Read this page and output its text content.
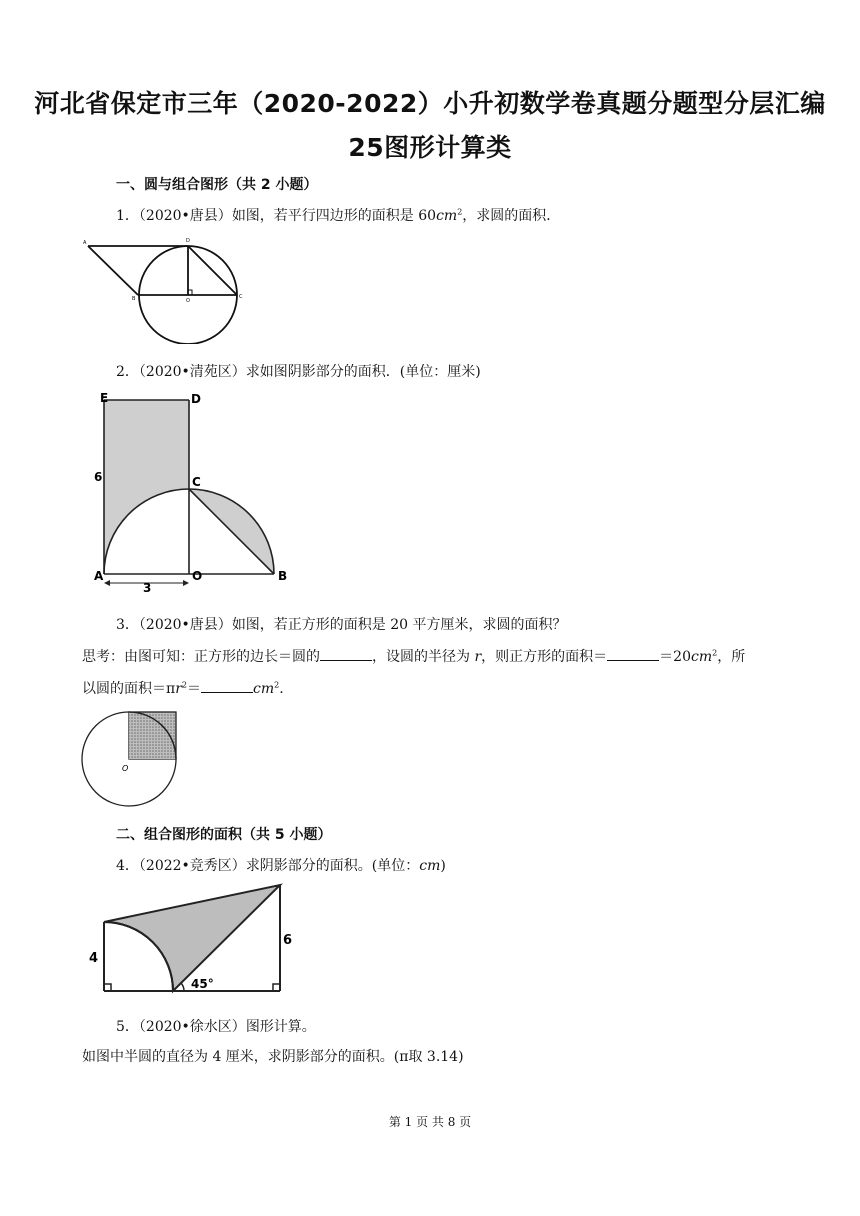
河北省保定市三年（2020-2022）小升初数学卷真题分题型分层汇编
25图形计算类
一、圆与组合图形（共 2 小题）
1．（2020•唐县）如图，若平行四边形的面积是 $60cm^2$，求圆的面积．
A	D
B	O
C
2．（2020•清苑区）求如图阴影部分的面积．(单位：厘米)
E	D
C
6
A	O	B
3
3．（2020•唐县）如图，若正方形的面积是 20 平方厘米，求圆的面积？
思考：由图可知：正方形的边长＝圆的	，设圆的半径为 r，则正方形的面积＝	$=20cm^2$，所
以圆的面积$=\pi r^2=$	$cm^2$.
O
二、组合图形的面积（共 5 小题）
4．（2022•竞秀区）求阴影部分的面积。(单位：cm)
4
6
45°
5．（2020•徐水区）图形计算。
如图中半圆的直径为 4 厘米，求阴影部分的面积。(π取 3.14)
第 1 页 共 8 页
